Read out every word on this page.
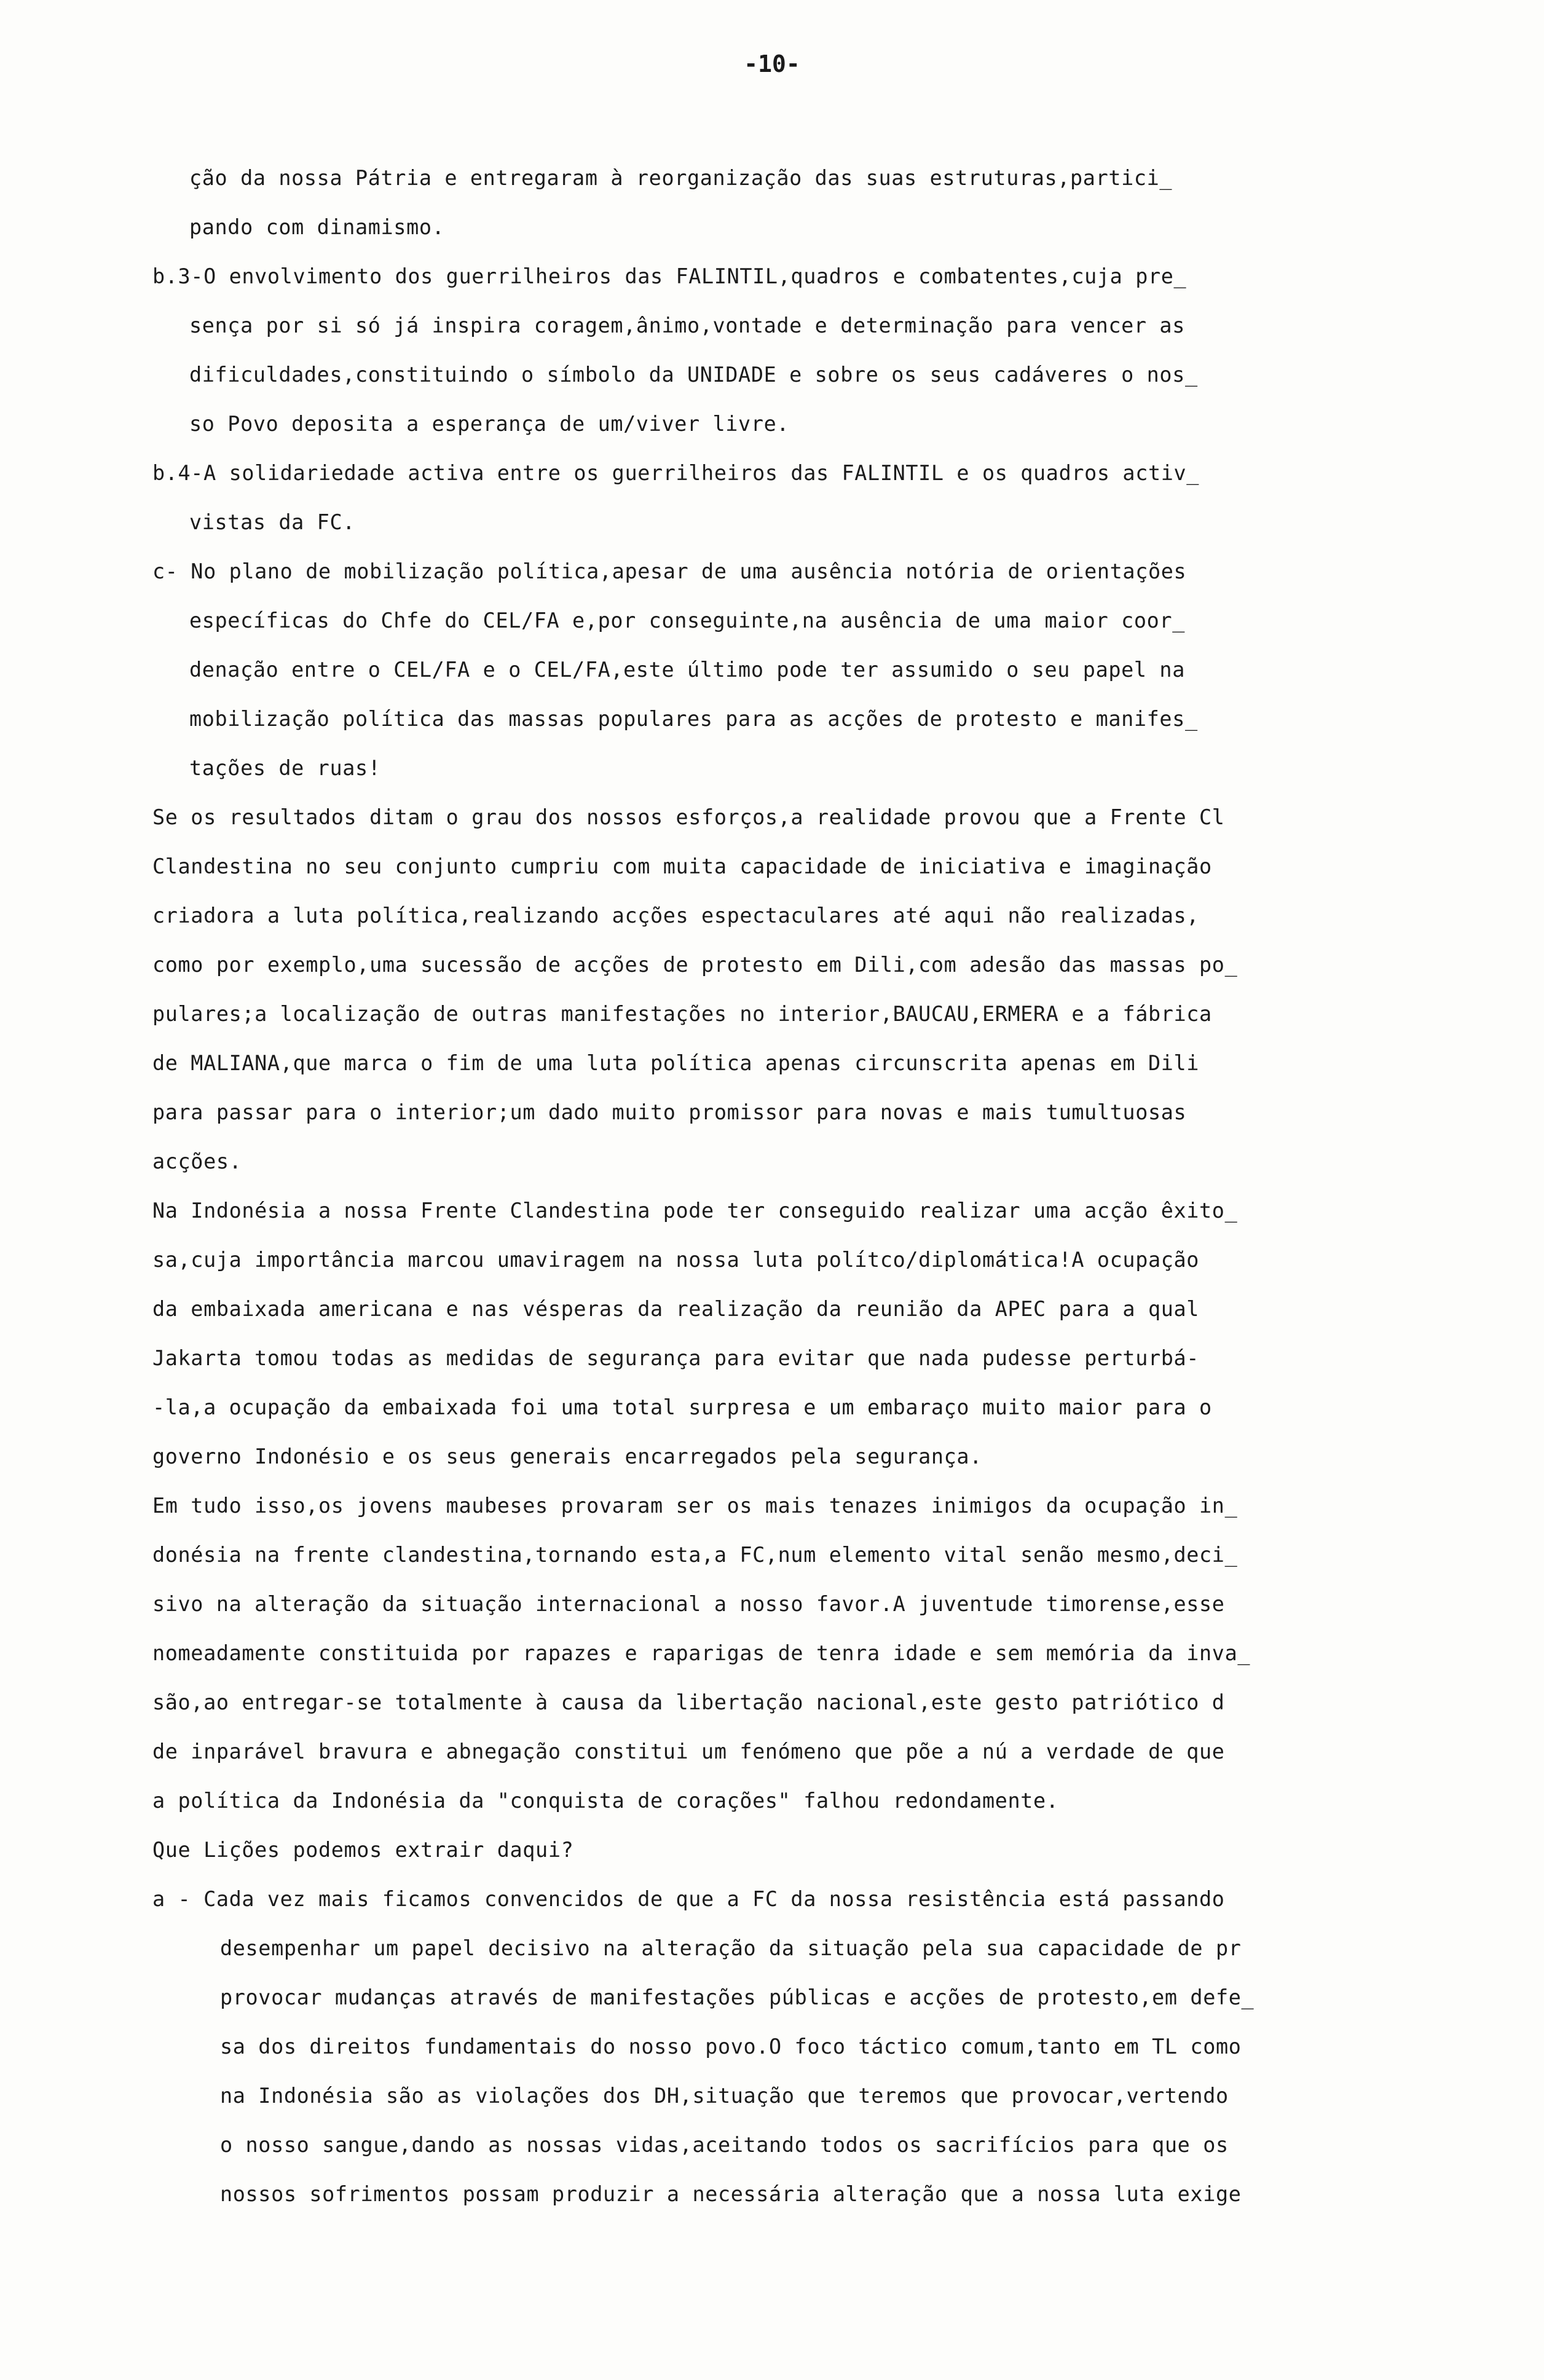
-10-
ção da nossa Pátria e entregaram à reorganização das suas estruturas,partici_
pando com dinamismo.
b.3-O envolvimento dos guerrilheiros das FALINTIL,quadros e combatentes,cuja pre_
sença por si só já inspira coragem,ânimo,vontade e determinação para vencer as
dificuldades,constituindo o símbolo da UNIDADE e sobre os seus cadáveres o nos_
so Povo deposita a esperança de um/viver livre.
b.4-A solidariedade activa entre os guerrilheiros das FALINTIL e os quadros activ_
vistas da FC.
c- No plano de mobilização política,apesar de uma ausência notória de orientações
específicas do Chfe do CEL/FA e,por conseguinte,na ausência de uma maior coor_
denação entre o CEL/FA e o CEL/FA,este último pode ter assumido o seu papel na
mobilização política das massas populares para as acções de protesto e manifes_
tações de ruas!
Se os resultados ditam o grau dos nossos esforços,a realidade provou que a Frente Cl
Clandestina no seu conjunto cumpriu com muita capacidade de iniciativa e imaginação
criadora a luta política,realizando acções espectaculares até aqui não realizadas,
como por exemplo,uma sucessão de acções de protesto em Dili,com adesão das massas po_
pulares;a localização de outras manifestações no interior,BAUCAU,ERMERA e a fábrica
de MALIANA,que marca o fim de uma luta política apenas circunscrita apenas em Dili
para passar para o interior;um dado muito promissor para novas e mais tumultuosas
acções.
Na Indonésia a nossa Frente Clandestina pode ter conseguido realizar uma acção êxito_
sa,cuja importância marcou umaviragem na nossa luta polítco/diplomática!A ocupação
da embaixada americana e nas vésperas da realização da reunião da APEC para a qual
Jakarta tomou todas as medidas de segurança para evitar que nada pudesse perturbá-
-la,a ocupação da embaixada foi uma total surpresa e um embaraço muito maior para o
governo Indonésio e os seus generais encarregados pela segurança.
Em tudo isso,os jovens maubeses provaram ser os mais tenazes inimigos da ocupação in_
donésia na frente clandestina,tornando esta,a FC,num elemento vital senão mesmo,deci_
sivo na alteração da situação internacional a nosso favor.A juventude timorense,esse
nomeadamente constituida por rapazes e raparigas de tenra idade e sem memória da inva_
são,ao entregar-se totalmente à causa da libertação nacional,este gesto patriótico d
de inparável bravura e abnegação constitui um fenómeno que põe a nú a verdade de que
a política da Indonésia da "conquista de corações" falhou redondamente.
Que Lições podemos extrair daqui?
a - Cada vez mais ficamos convencidos de que a FC da nossa resistência está passando
desempenhar um papel decisivo na alteração da situação pela sua capacidade de pr
provocar mudanças através de manifestações públicas e acções de protesto,em defe_
sa dos direitos fundamentais do nosso povo.O foco táctico comum,tanto em TL como
na Indonésia são as violações dos DH,situação que teremos que provocar,vertendo
o nosso sangue,dando as nossas vidas,aceitando todos os sacrifícios para que os
nossos sofrimentos possam produzir a necessária alteração que a nossa luta exige
